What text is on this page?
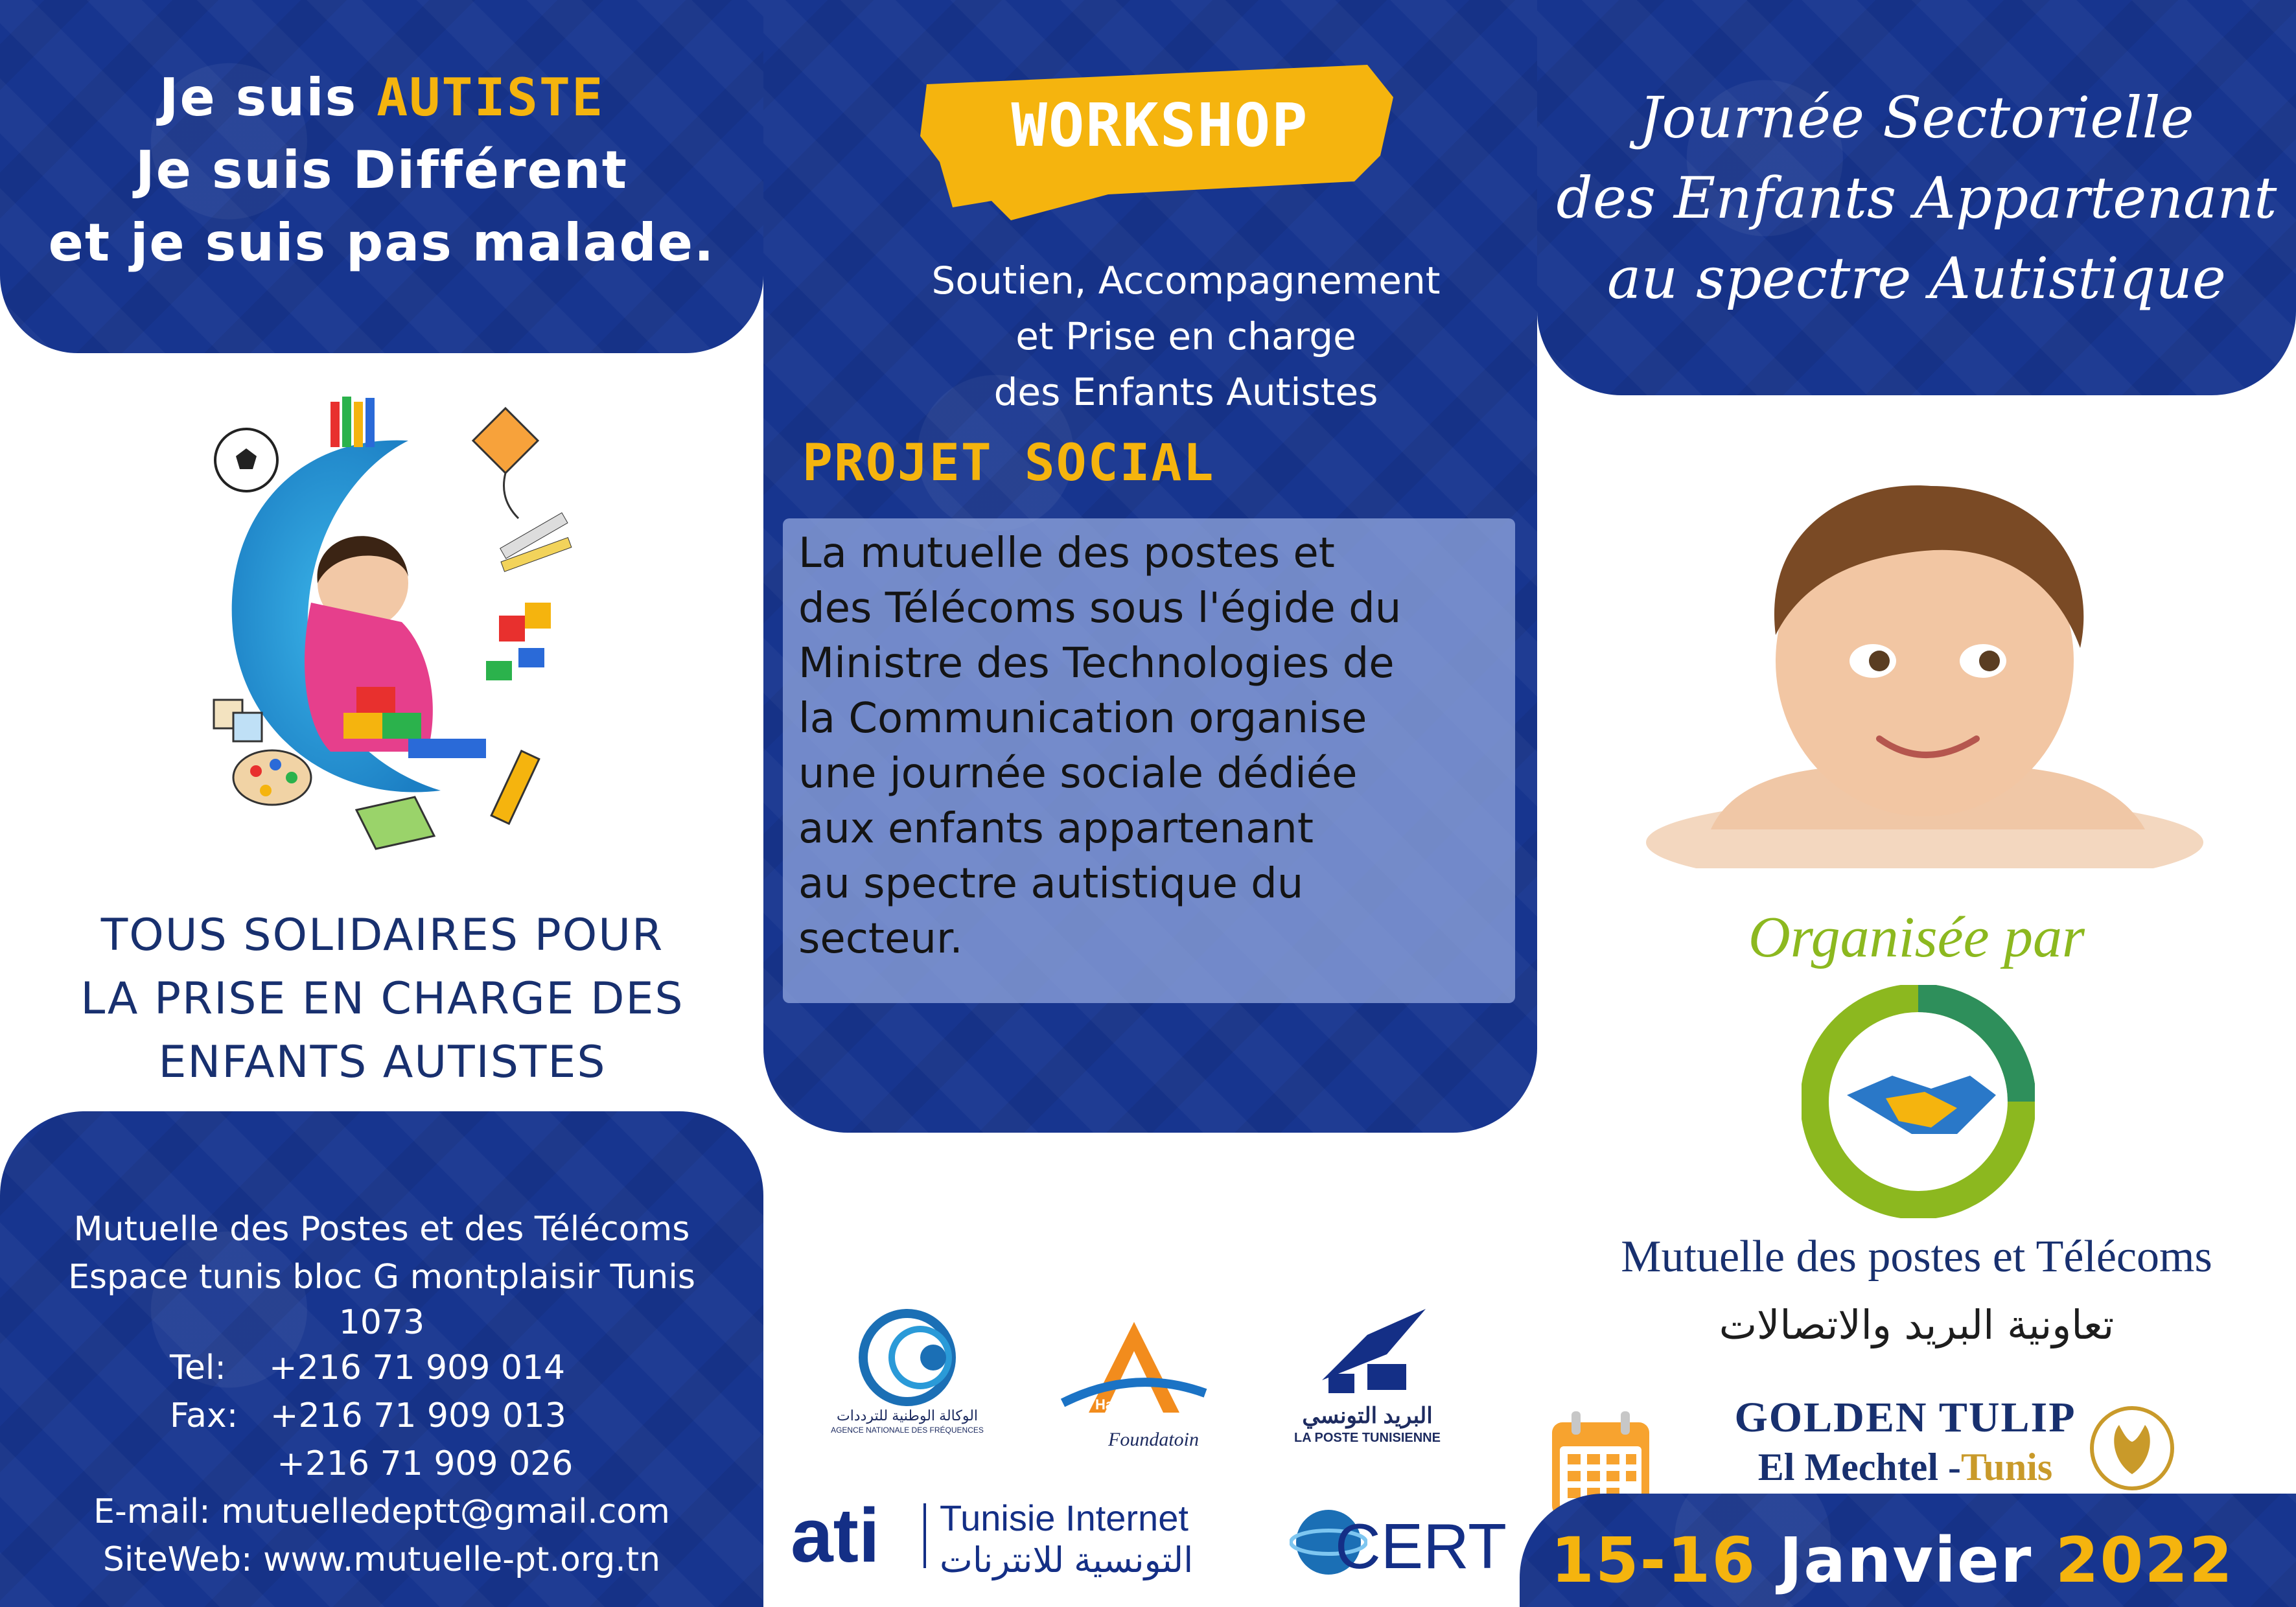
Je suis AUTISTE
Je suis Différent
et je suis pas malade.
TOUS SOLIDAIRES POUR
LA PRISE EN CHARGE DES
ENFANTS AUTISTES
Mutuelle des Postes et des Télécoms
Espace tunis bloc G montplaisir Tunis
1073
Tel:    +216 71 909 014
Fax:   +216 71 909 013
+216 71 909 026
E-mail: mutuelledeptt@gmail.com
SiteWeb: www.mutuelle-pt.org.tn
WORKSHOP
Soutien, Accompagnement
et Prise en charge
des Enfants Autistes
PROJET SOCIAL
La mutuelle des postes et
des Télécoms sous l'égide du
Ministre des Technologies de
la Communication organise
une journée sociale dédiée
aux enfants appartenant
au spectre autistique du
secteur.
الوكالة الوطنية للترددات
AGENCE NATIONALE DES FRÉQUENCES
Halim
Foundatoin
البريد التونسي
LA POSTE TUNISIENNE
ati	Tunisie Internet
التونسية للانترنات	CERT
Journée Sectorielle
des Enfants Appartenant
au spectre Autistique
Organisée par
Mutuelle des postes et Télécoms
تعاونية البريد والاتصالات
GOLDEN TULIP
El Mechtel -Tunis
15-16 Janvier 2022
